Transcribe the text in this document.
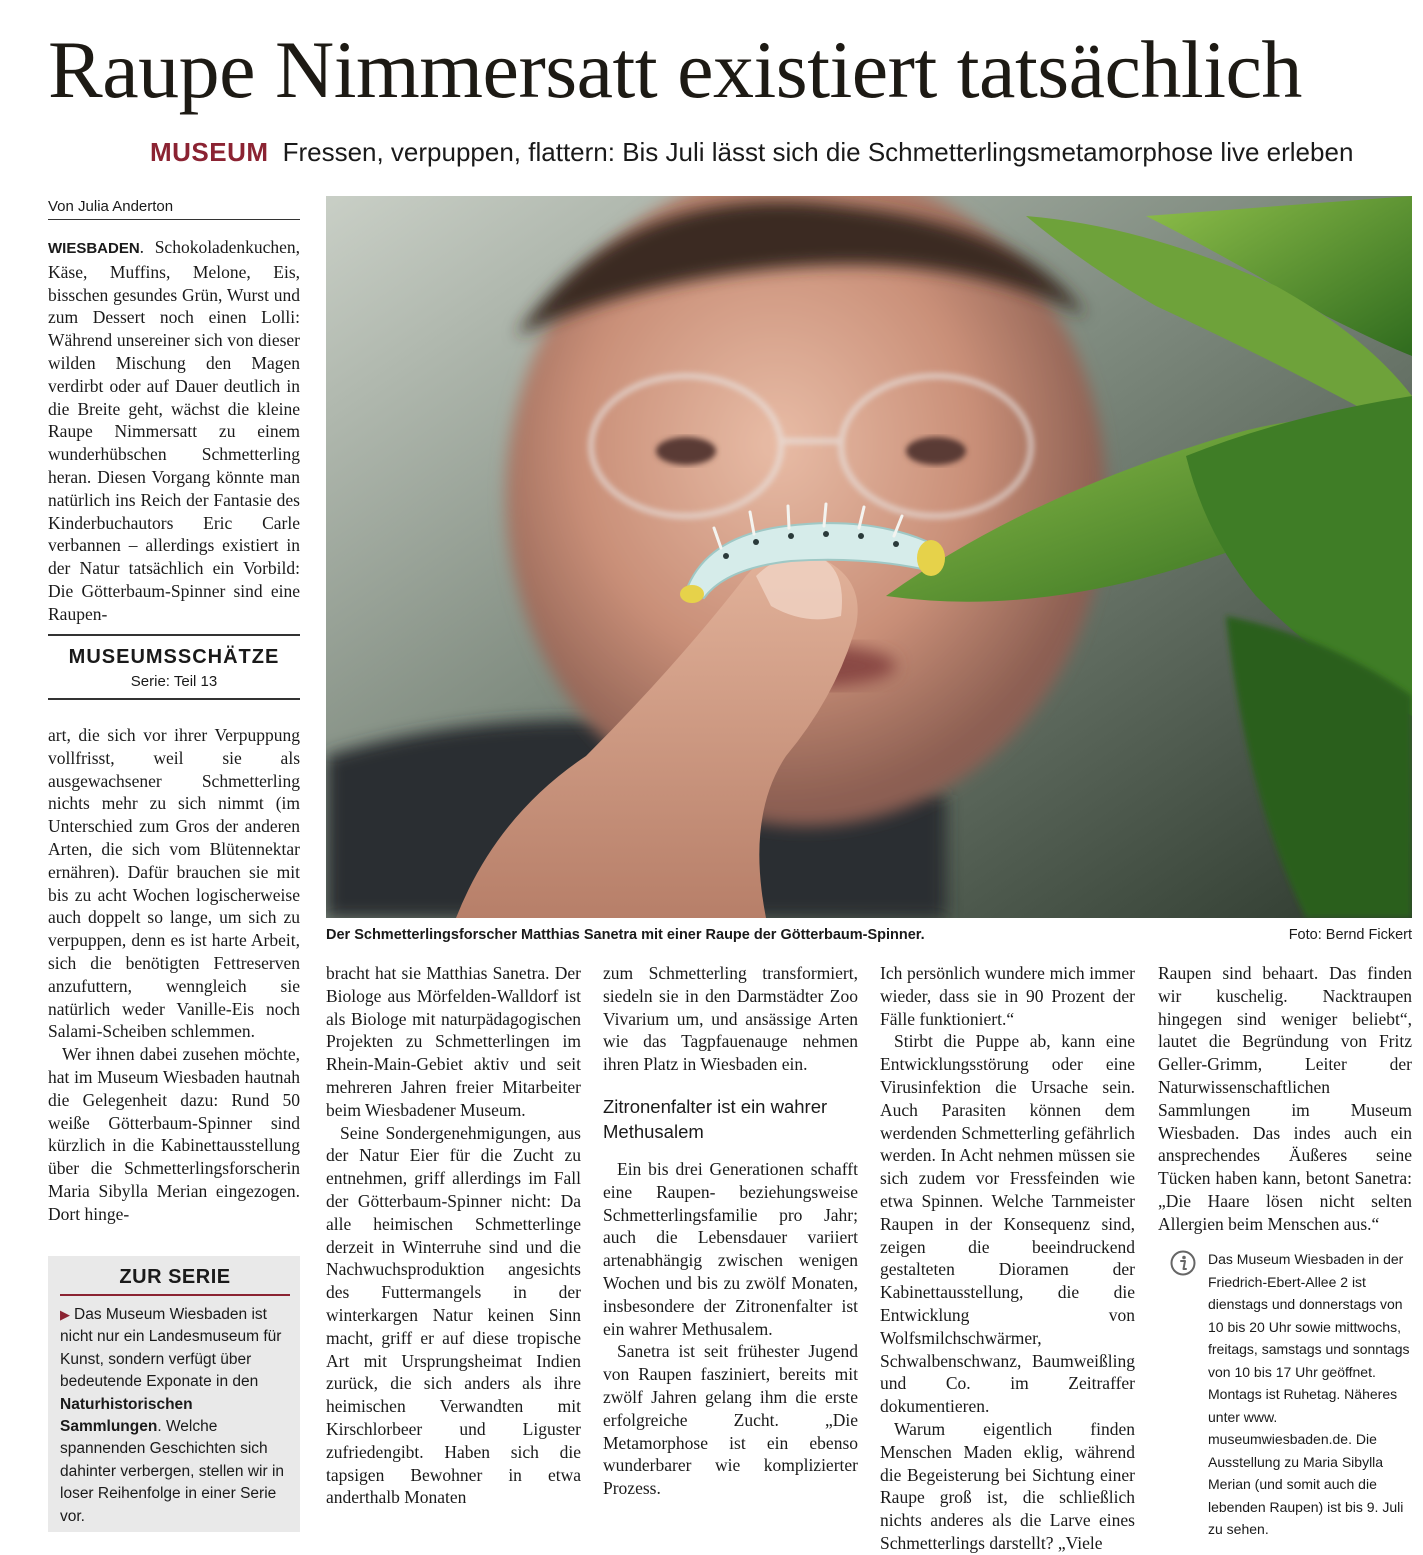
Raupe Nimmersatt existiert tatsächlich
MUSEUM Fressen, verpuppen, flattern: Bis Juli lässt sich die Schmetterlingsmetamorphose live erleben
Von Julia Anderton

WIESBADEN. Schokoladenkuchen, Käse, Muffins, Melone, Eis, bisschen gesundes Grün, Wurst und zum Dessert noch einen Lolli: Während unsereiner sich von dieser wilden Mischung den Magen verdirbt oder auf Dauer deutlich in die Breite geht, wächst die kleine Raupe Nimmersatt zu einem wunderhübschen Schmetterling heran. Diesen Vorgang könnte man natürlich ins Reich der Fantasie des Kinderbuchautors Eric Carle verbannen – allerdings existiert in der Natur tatsächlich ein Vorbild: Die Götterbaum-Spinner sind eine Raupen-

MUSEUMSSCHÄTZE
Serie: Teil 13

art, die sich vor ihrer Verpuppung vollfrisst, weil sie als ausgewachsener Schmetterling nichts mehr zu sich nimmt (im Unterschied zum Gros der anderen Arten, die sich vom Blütennektar ernähren). Dafür brauchen sie mit bis zu acht Wochen logischerweise auch doppelt so lange, um sich zu verpuppen, denn es ist harte Arbeit, sich die benötigten Fettreserven anzufuttern, wenngleich sie natürlich weder Vanille-Eis noch Salami-Scheiben schlemmen.

Wer ihnen dabei zusehen möchte, hat im Museum Wiesbaden hautnah die Gelegenheit dazu: Rund 50 weiße Götterbaum-Spinner sind kürzlich in die Kabinettausstellung über die Schmetterlingsforscherin Maria Sibylla Merian eingezogen. Dort hinge-

ZUR SERIE
▶ Das Museum Wiesbaden ist nicht nur ein Landesmuseum für Kunst, sondern verfügt über bedeutende Exponate in den Naturhistorischen Sammlungen. Welche spannenden Geschichten sich dahinter verbergen, stellen wir in loser Reihenfolge in einer Serie vor.
Der Schmetterlingsforscher Matthias Sanetra mit einer Raupe der Götterbaum-Spinner.	Foto: Bernd Fickert

bracht hat sie Matthias Sanetra. Der Biologe aus Mörfelden-Walldorf ist als Biologe mit naturpädagogischen Projekten zu Schmetterlingen im Rhein-Main-Gebiet aktiv und seit mehreren Jahren freier Mitarbeiter beim Wiesbadener Museum.

Seine Sondergenehmigungen, aus der Natur Eier für die Zucht zu entnehmen, griff allerdings im Fall der Götterbaum-Spinner nicht: Da alle heimischen Schmetterlinge derzeit in Winterruhe sind und die Nachwuchsproduktion angesichts des Futtermangels in der winterkargen Natur keinen Sinn macht, griff er auf diese tropische Art mit Ursprungsheimat Indien zurück, die sich anders als ihre heimischen Verwandten mit Kirschlorbeer und Liguster zufriedengibt. Haben sich die tapsigen Bewohner in etwa anderthalb Monaten

zum Schmetterling transformiert, siedeln sie in den Darmstädter Zoo Vivarium um, und ansässige Arten wie das Tagpfauenauge nehmen ihren Platz in Wiesbaden ein.

Zitronenfalter ist ein wahrer Methusalem

Ein bis drei Generationen schafft eine Raupen- beziehungsweise Schmetterlingsfamilie pro Jahr; auch die Lebensdauer variiert artenabhängig zwischen wenigen Wochen und bis zu zwölf Monaten, insbesondere der Zitronenfalter ist ein wahrer Methusalem.

Sanetra ist seit frühester Jugend von Raupen fasziniert, bereits mit zwölf Jahren gelang ihm die erste erfolgreiche Zucht. „Die Metamorphose ist ein ebenso wunderbarer wie komplizierter Prozess.

Ich persönlich wundere mich immer wieder, dass sie in 90 Prozent der Fälle funktioniert.“

Stirbt die Puppe ab, kann eine Entwicklungsstörung oder eine Virusinfektion die Ursache sein. Auch Parasiten können dem werdenden Schmetterling gefährlich werden. In Acht nehmen müssen sie sich zudem vor Fressfeinden wie etwa Spinnen. Welche Tarnmeister Raupen in der Konsequenz sind, zeigen die beeindruckend gestalteten Dioramen der Kabinettausstellung, die die Entwicklung von Wolfsmilchschwärmer, Schwalbenschwanz, Baumweißling und Co. im Zeitraffer dokumentieren.

Warum eigentlich finden Menschen Maden eklig, während die Begeisterung bei Sichtung einer Raupe groß ist, die schließlich nichts anderes als die Larve eines Schmetterlings darstellt? „Viele

Raupen sind behaart. Das finden wir kuschelig. Nacktraupen hingegen sind weniger beliebt“, lautet die Begründung von Fritz Geller-Grimm, Leiter der Naturwissenschaftlichen Sammlungen im Museum Wiesbaden. Das indes auch ein ansprechendes Äußeres seine Tücken haben kann, betont Sanetra: „Die Haare lösen nicht selten Allergien beim Menschen aus.“

Das Museum Wiesbaden in der Friedrich-Ebert-Allee 2 ist dienstags und donnerstags von 10 bis 20 Uhr sowie mittwochs, freitags, samstags und sonntags von 10 bis 17 Uhr geöffnet. Montags ist Ruhetag. Näheres unter www. museumwiesbaden.de. Die Ausstellung zu Maria Sibylla Merian (und somit auch die lebenden Raupen) ist bis 9. Juli zu sehen.
